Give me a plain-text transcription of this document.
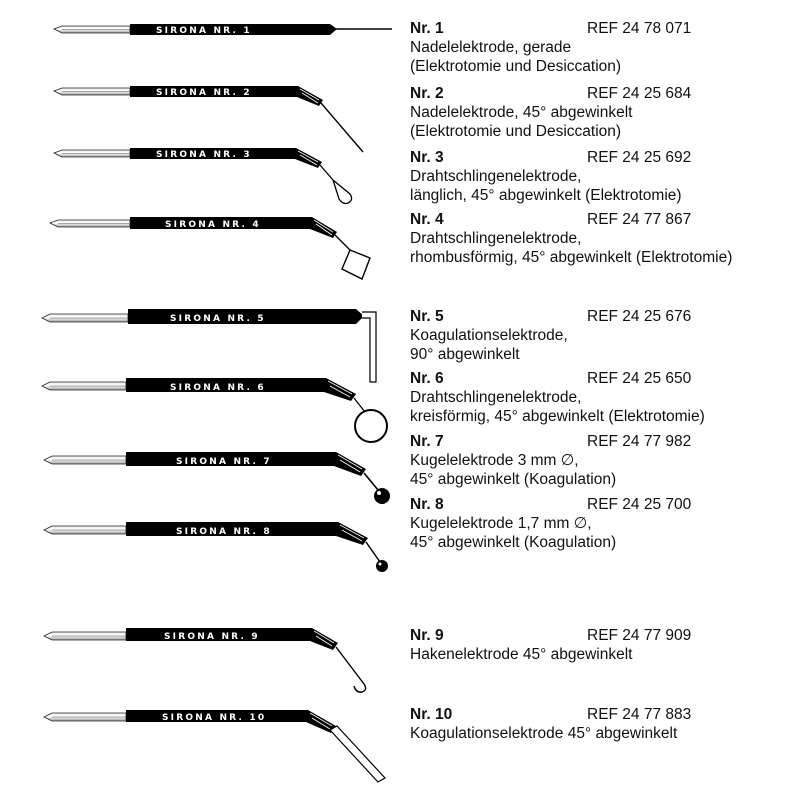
SIRONA NR. 1
SIRONA NR. 2
SIRONA NR. 3
SIRONA NR. 4
SIRONA NR. 5
SIRONA NR. 6
SIRONA NR. 7
SIRONA NR. 8
SIRONA NR. 9
SIRONA NR. 10
Nr. 1	REF 24 78 071
Nadelelektrode, gerade
(Elektrotomie und Desiccation)
Nr. 2	REF 24 25 684
Nadelelektrode, 45° abgewinkelt
(Elektrotomie und Desiccation)
Nr. 3	REF 24 25 692
Drahtschlingenelektrode,
länglich, 45° abgewinkelt (Elektrotomie)
Nr. 4	REF 24 77 867
Drahtschlingenelektrode,
rhombusförmig, 45° abgewinkelt (Elektrotomie)
Nr. 5	REF 24 25 676
Koagulationselektrode,
90° abgewinkelt
Nr. 6	REF 24 25 650
Drahtschlingenelektrode,
kreisförmig, 45° abgewinkelt (Elektrotomie)
Nr. 7	REF 24 77 982
Kugelelektrode 3 mm ∅,
45° abgewinkelt (Koagulation)
Nr. 8	REF 24 25 700
Kugelelektrode 1,7 mm ∅,
45° abgewinkelt (Koagulation)
Nr. 9	REF 24 77 909
Hakenelektrode 45° abgewinkelt
Nr. 10	REF 24 77 883
Koagulationselektrode 45° abgewinkelt
